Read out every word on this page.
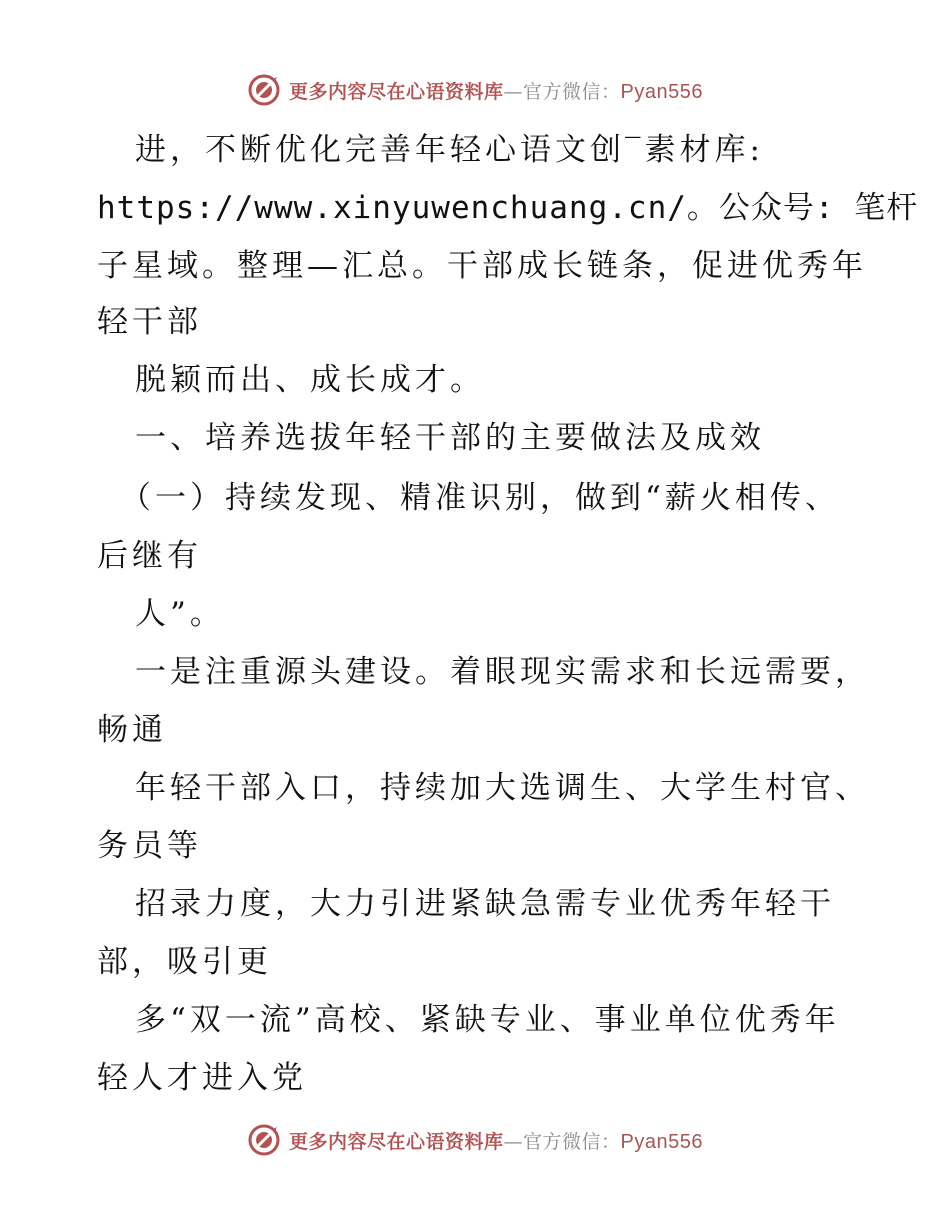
更多内容尽在心语资料库 — 官方微信： Pyan556
进，不断优化完善年轻心语文创‾素材库:
https://www.xinyuwenchuang.cn/。公众号: 笔杆
子星域。整理—汇总。干部成长链条，促进优秀年
轻干部
脱颖而出、成长成才。
一、培养选拔年轻干部的主要做法及成效
（一）持续发现、精准识别，做到“薪火相传、
后继有
人”。
一是注重源头建设。着眼现实需求和长远需要，
畅通
年轻干部入口，持续加大选调生、大学生村官、
务员等
招录力度，大力引进紧缺急需专业优秀年轻干
部，吸引更
多“双一流”高校、紧缺专业、事业单位优秀年
轻人才进入党
更多内容尽在心语资料库 — 官方微信： Pyan556
